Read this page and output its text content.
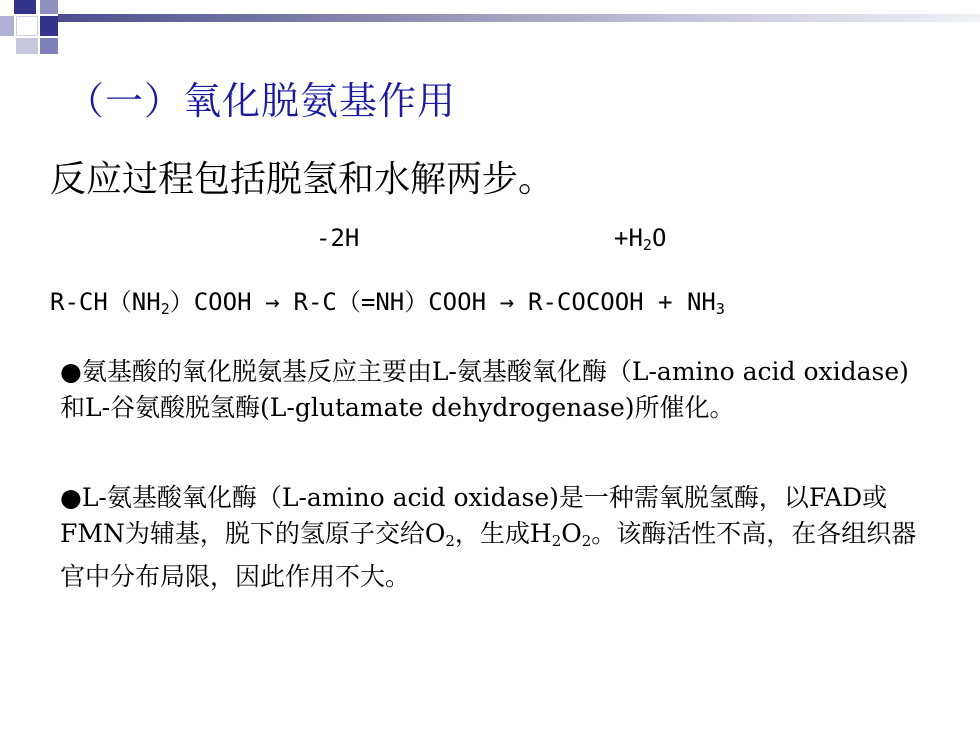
（一）氧化脱氨基作用
反应过程包括脱氢和水解两步。
-2H	$+H_2O$
$R-CH(NH_2)COOH$ → R-C（=NH）COOH → R-COCOOH + $NH_3$
●氨基酸的氧化脱氨基反应主要由L-氨基酸氧化酶（L-amino acid oxidase)和L-谷氨酸脱氢酶(L-glutamate dehydrogenase)所催化。
●L-氨基酸氧化酶（L-amino acid oxidase)是一种需氧脱氢酶，以FAD或FMN为辅基，脱下的氢原子交给$O_2$，生成$H_2O_2$。该酶活性不高，在各组织器官中分布局限，因此作用不大。
